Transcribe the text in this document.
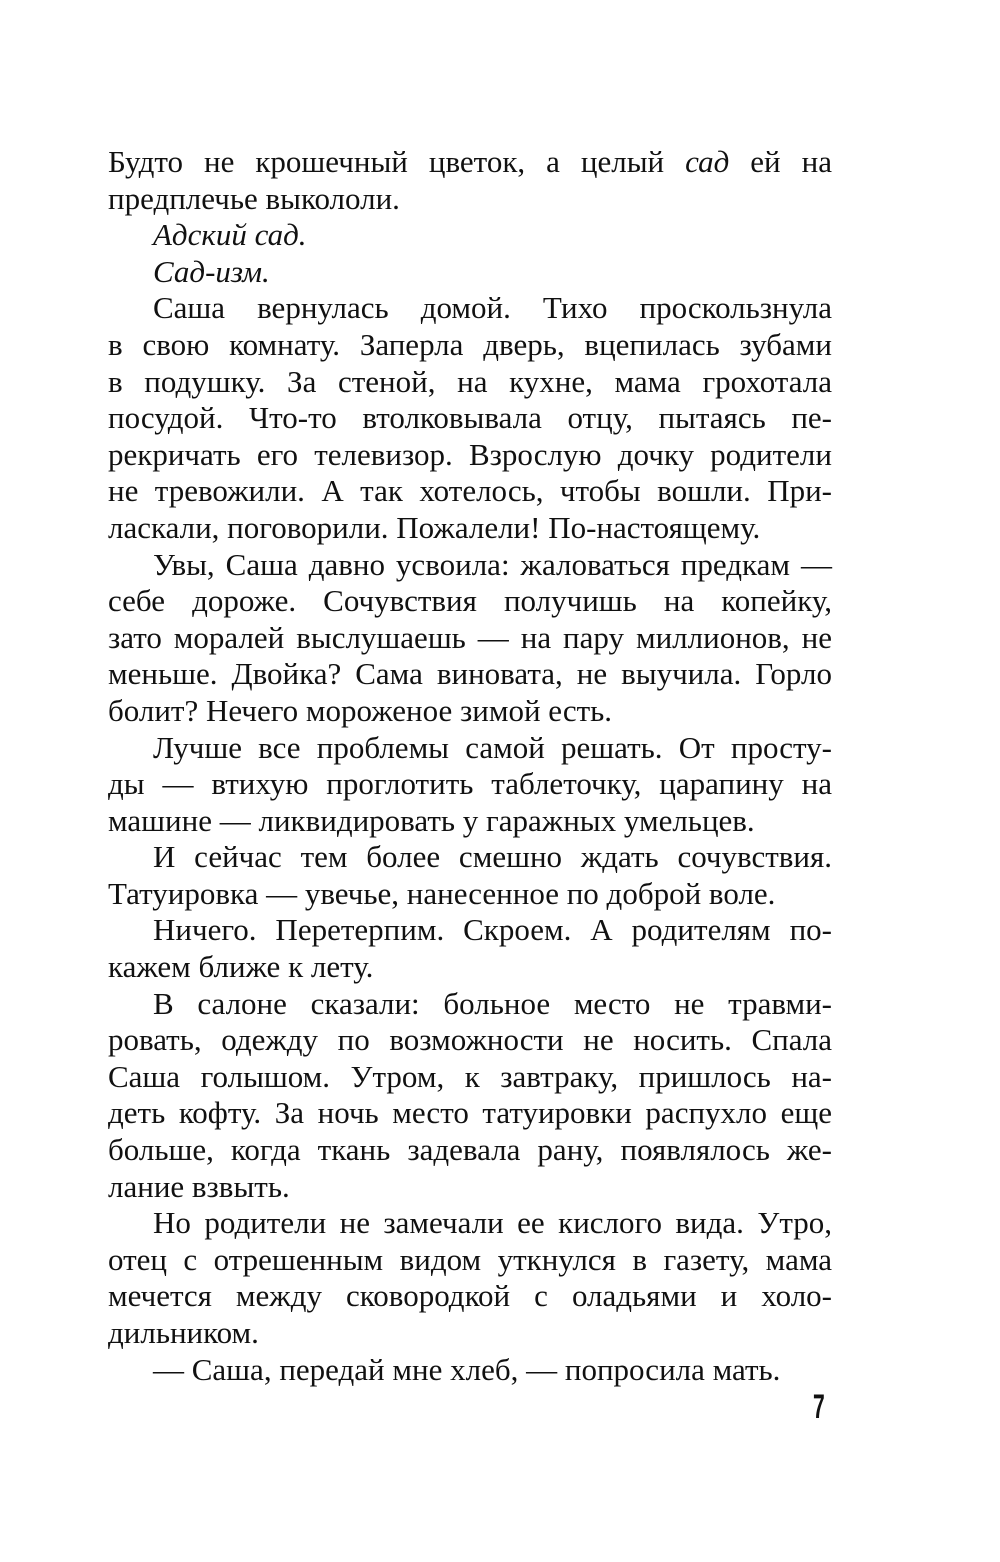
Будто не крошечный цветок, а целый сад ей на
предплечье выкололи.
Адский сад.
Сад-изм.
Саша вернулась домой. Тихо проскользнула
в свою комнату. Заперла дверь, вцепилась зубами
в подушку. За стеной, на кухне, мама грохотала
посудой. Что-то втолковывала отцу, пытаясь пе-
рекричать его телевизор. Взрослую дочку родители
не тревожили. А так хотелось, чтобы вошли. При-
ласкали, поговорили. Пожалели! По-настоящему.
Увы, Саша давно усвоила: жаловаться предкам —
себе дороже. Сочувствия получишь на копейку,
зато моралей выслушаешь — на пару миллионов, не
меньше. Двойка? Сама виновата, не выучила. Горло
болит? Нечего мороженое зимой есть.
Лучше все проблемы самой решать. От просту-
ды — втихую проглотить таблеточку, царапину на
машине — ликвидировать у гаражных умельцев.
И сейчас тем более смешно ждать сочувствия.
Татуировка — увечье, нанесенное по доброй воле.
Ничего. Перетерпим. Скроем. А родителям по-
кажем ближе к лету.
В салоне сказали: больное место не травми-
ровать, одежду по возможности не носить. Спала
Саша голышом. Утром, к завтраку, пришлось на-
деть кофту. За ночь место татуировки распухло еще
больше, когда ткань задевала рану, появлялось же-
лание взвыть.
Но родители не замечали ее кислого вида. Утро,
отец с отрешенным видом уткнулся в газету, мама
мечется между сковородкой с оладьями и холо-
дильником.
— Саша, передай мне хлеб, — попросила мать.
7
